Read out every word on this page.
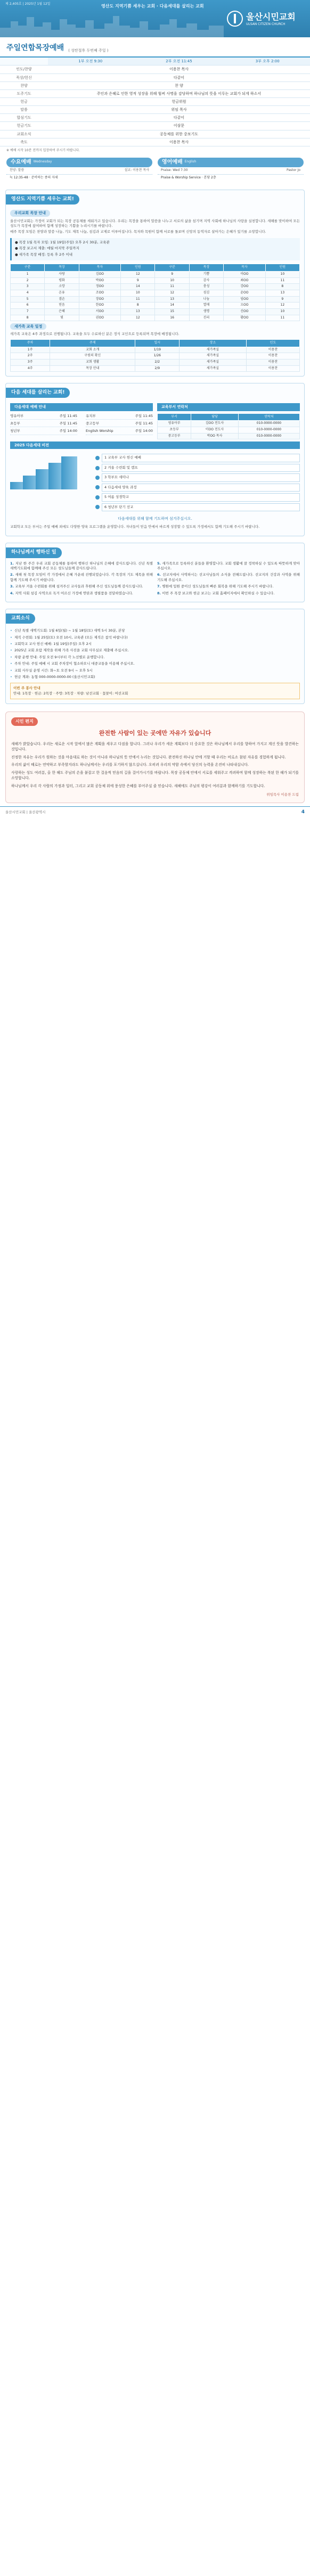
제 2,405호 | 2025년 1월 12일	영산도 지역기쁨 세우는 교회 · 다음세대를 살리는 교회
울산시민교회
ULSAN CITIZEN CHURCH
주일연합목장예배 ( 성탄절후 두번째 주일 )
	1부 오전 9:30	2부 오전 11:45	3부 오후 2:00
인도/찬양	이용찬 목사		
묵상/헌신	다같이		
찬양	찬 양		
도주기도	주인과 은혜로 인한 영적 성장을 위해 힘써 사명을 감당하며 하나님의 뜻을 이루는 교회가 되게 하소서		
헌금	헌금위원		
말씀	위임 목사		
합심기도	다같이		
헌금기도	이삼문		
교회소식	공동체를 위한 중보기도		
축도	이용찬 목사		
※ 예배 시작 10분 전까지 입장하여 주시기 바랍니다.
수요예배 Wednesday
찬양: 말씀	설교: 이용찬 목사
눅 12:35-48 · 준비하는 종의 자세
영어예배 English
Praise: Wed 7:30	Pastor Jo
Praise & Worship Service · 본당 2층
영산도 지역기쁨 세우는 교회!
우리교회 목장 안내

울산시민교회는 가정이 교회가 되는 목장 공동체를 세워가고 있습니다. 우리는 목장을 통하여 말씀을 나누고 서로의 삶을 섬기며 지역 사회에 하나님의 사랑을 실천합니다. 새해를 맞이하여 모든 성도가 목장에 참여하여 함께 성장하는 기쁨을 누리시기를 바랍니다.

매주 목장 모임은 찬양과 말씀 나눔, 기도 제목 나눔, 섬김과 교제로 이루어집니다. 목자와 목원이 함께 서로를 돌보며 신앙의 동역자로 살아가는 은혜가 있기를 소망합니다.

● 목장 1월 목자 모임: 1월 19일(주일) 오후 2시 30분, 교육관
● 목장 보고서 제출: 매월 마지막 주일까지
● 새가족 목장 배정: 등록 후 2주 이내
구분	목장	목자	인원	구분	목장	목자	인원
1	사랑	김OO	12	9	기쁨	이OO	10
2	평화	박OO	9	10	감사	최OO	11
3	소망	정OO	14	11	충성	강OO	8
4	온유	조OO	10	12	섬김	윤OO	13
5	겸손	장OO	11	13	나눔	임OO	9
6	믿음	한OO	8	14	열매	오OO	12
7	은혜	서OO	13	15	생명	신OO	10
8	빛	권OO	12	16	진리	황OO	11
새가족 교육 일정
새가족 교육은 4주 과정으로 진행됩니다. 교육을 모두 수료하신 분은 정식 교인으로 등록되며 목장에 배정됩니다.
주차	주제	일시	장소	인도
1주	교회 소개	1/19	새가족실	이용찬
2주	구원의 확신	1/26	새가족실	이용찬
3주	교회 생활	2/2	새가족실	이용찬
4주	목장 안내	2/9	새가족실	이용찬
다음 세대를 살리는 교회!
다음세대 예배 안내
영유아부	주일 11:45 유치부	주일 11:45
초등부	주일 11:45 중고등부	주일 11:45
청년부	주일 14:00 English Worship	주일 14:00
교육부서 연락처
부서	담당	연락처
영유아부	김OO 전도사	010-0000-0000
초등부	이OO 전도사	010-0000-0000
중고등부	박OO 목사	010-0000-0000
2025 다음세대 비전
1 교육부 교사 헌신 예배
2 겨울 수련회 및 캠프
3 학부모 세미나
4 다음세대 양육 과정
5 여름 성경학교
6 청년부 단기 선교
다음세대를 위해 함께 기도하며 섬겨주십시오.
교회학교 모든 부서는 주일 예배 외에도 다양한 양육 프로그램을 운영합니다. 자녀들이 믿음 안에서 바르게 성장할 수 있도록 가정에서도 함께 기도해 주시기 바랍니다.
하나님께서 행하신 일
1. 지난 한 주간 우리 교회 공동체를 통하여 행하신 하나님의 은혜에 감사드립니다. 신년 특별 새벽기도회에 함께해 주신 모든 성도님들께 감사드립니다.
2. 새해 첫 목장 모임이 각 가정에서 은혜 가운데 진행되었습니다. 각 목장의 기도 제목을 위해 함께 기도해 주시기 바랍니다.
3. 교육부 겨울 수련회를 위해 섬겨주신 교사들과 후원해 주신 성도님들께 감사드립니다.
4. 지역 사회 섬김 사역으로 독거 어르신 가정에 연탄과 생필품을 전달하였습니다.
5. 새가족으로 등록하신 분들을 환영합니다. 교회 생활에 잘 정착하실 수 있도록 따뜻하게 맞아 주십시오.
6. 선교지에서 사역하시는 선교사님들의 소식을 전해드립니다. 선교지의 건강과 사역을 위해 기도해 주십시오.
7. 병원에 입원 중이신 성도님들의 빠른 회복을 위해 기도해 주시기 바랍니다.
8. 이번 주 목장 보고와 헌금 보고는 교회 홈페이지에서 확인하실 수 있습니다.
교회소식
• 신년 특별 새벽기도회: 1월 6일(월) ~ 1월 18일(토) 새벽 5시 30분, 본당
• 제직 수련회: 1월 25일(토) 오전 10시, 교육관 (모든 제직은 참석 바랍니다)
• 교회학교 교사 헌신 예배: 1월 19일(주일) 오후 2시
• 2025년 교회 요람 제작을 위해 가족 사진을 교회 사무실로 제출해 주십시오.
• 차량 운행 안내: 주일 오전 9시부터 각 노선별로 운행합니다.
• 주차 안내: 주일 예배 시 교회 주차장이 협소하오니 대중교통을 이용해 주십시오.
• 교회 사무실 운영 시간: 화~토 오전 9시 ~ 오후 5시
• 헌금 계좌: 농협 000-0000-0000-00 (울산시민교회)
이번 주 봉사 안내
안내: 1목장 · 헌금: 2목장 · 주방: 3목장 · 차량: 남선교회 · 꽃꽂이: 여선교회
시인 편지
완전한 사람이 있는 곳에만 자유가 있습니다

새해가 밝았습니다. 우리는 새로운 시작 앞에서 많은 계획을 세우고 다짐을 합니다. 그러나 우리가 세운 계획보다 더 중요한 것은 하나님께서 우리를 향하여 가지고 계신 뜻을 발견하는 것입니다.

진정한 자유는 우리가 원하는 것을 마음대로 하는 것이 아니라 하나님의 뜻 안에서 누리는 것입니다. 완전하신 하나님 안에 거할 때 우리는 비로소 참된 자유를 경험하게 됩니다.

우리의 삶이 때로는 연약하고 부족할지라도 하나님께서는 우리를 포기하지 않으십니다. 오히려 우리의 약함 속에서 당신의 능력을 온전히 나타내십니다.

사랑하는 성도 여러분, 올 한 해도 주님의 손을 붙잡고 한 걸음씩 믿음의 길을 걸어가시기를 바랍니다. 목장 공동체 안에서 서로를 세워주고 격려하며 함께 성장하는 복된 한 해가 되기를 소망합니다.

하나님께서 우리 각 사람의 가정과 일터, 그리고 교회 공동체 위에 풍성한 은혜를 부어주실 줄 믿습니다. 새해에도 주님의 평강이 여러분과 함께하기를 기도합니다.

위임목사 이용찬 드림
울산시민교회 | 울산광역시	4
